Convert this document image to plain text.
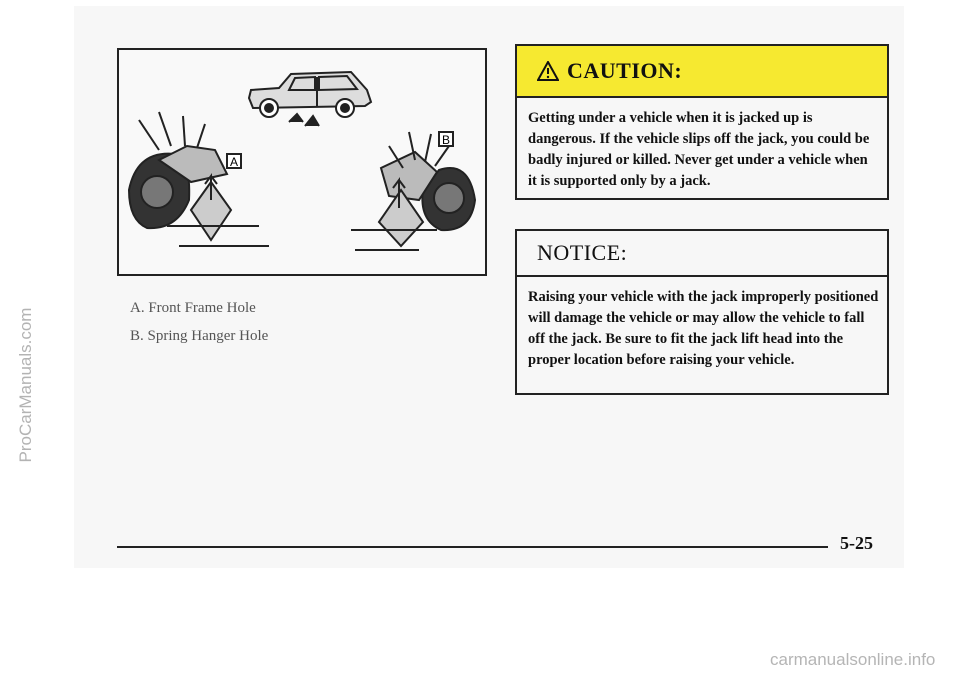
ProCarManuals.com
A
B
A. Front Frame Hole
B. Spring Hanger Hole
CAUTION:
Getting under a vehicle when it is jacked up is dangerous. If the vehicle slips off the jack, you could be badly injured or killed. Never get under a vehicle when it is supported only by a jack.
NOTICE:
Raising your vehicle with the jack improperly positioned will damage the vehicle or may allow the vehicle to fall off the jack. Be sure to fit the jack lift head into the proper location before raising your vehicle.
5-25
carmanualsonline.info
